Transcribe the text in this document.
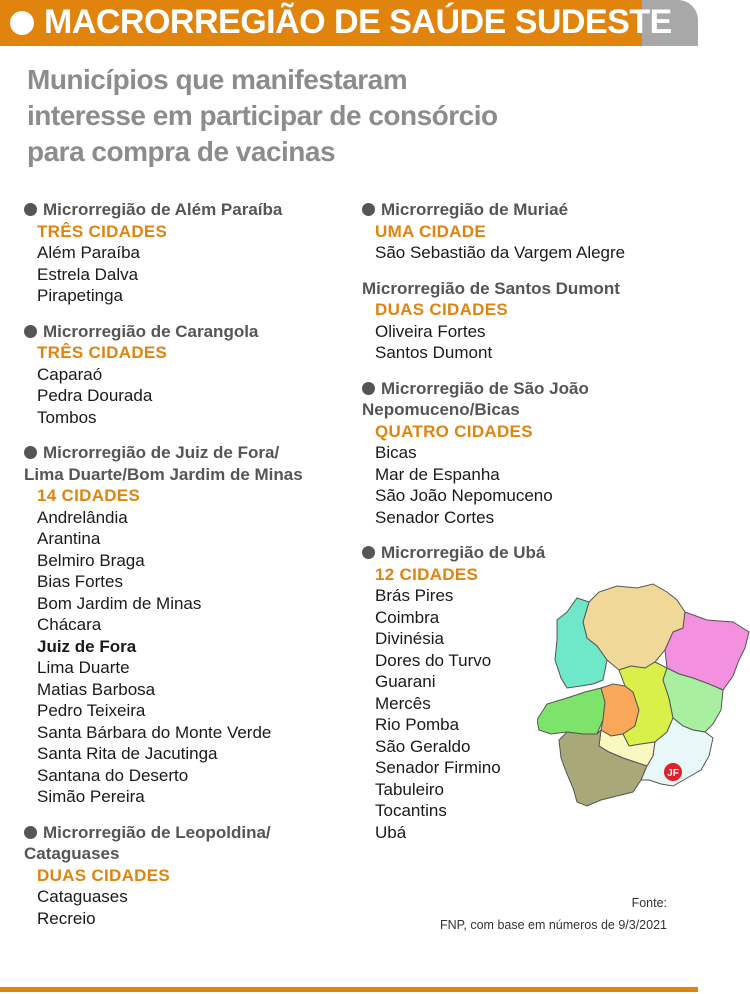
MACRORREGIÃO DE SAÚDE SUDESTE
Municípios que manifestaram
interesse em participar de consórcio
para compra de vacinas
Microrregião de Além Paraíba
TRÊS CIDADES
Além Paraíba
Estrela Dalva
Pirapetinga
Microrregião de Carangola
TRÊS CIDADES
Caparaó
Pedra Dourada
Tombos
Microrregião de Juiz de Fora/
Lima Duarte/Bom Jardim de Minas
14 CIDADES
Andrelândia
Arantina
Belmiro Braga
Bias Fortes
Bom Jardim de Minas
Chácara
Juiz de Fora
Lima Duarte
Matias Barbosa
Pedro Teixeira
Santa Bárbara do Monte Verde
Santa Rita de Jacutinga
Santana do Deserto
Simão Pereira
Microrregião de Leopoldina/
Cataguases
DUAS CIDADES
Cataguases
Recreio
Microrregião de Muriaé
UMA CIDADE
São Sebastião da Vargem Alegre
Microrregião de Santos Dumont
DUAS CIDADES
Oliveira Fortes
Santos Dumont
Microrregião de São João
Nepomuceno/Bicas
QUATRO CIDADES
Bicas
Mar de Espanha
São João Nepomuceno
Senador Cortes
Microrregião de Ubá
12 CIDADES
Brás Pires
Coimbra
Divinésia
Dores do Turvo
Guarani
Mercês
Rio Pomba
São Geraldo
Senador Firmino
Tabuleiro
Tocantins
Ubá
JF
Fonte:
FNP, com base em números de 9/3/2021
